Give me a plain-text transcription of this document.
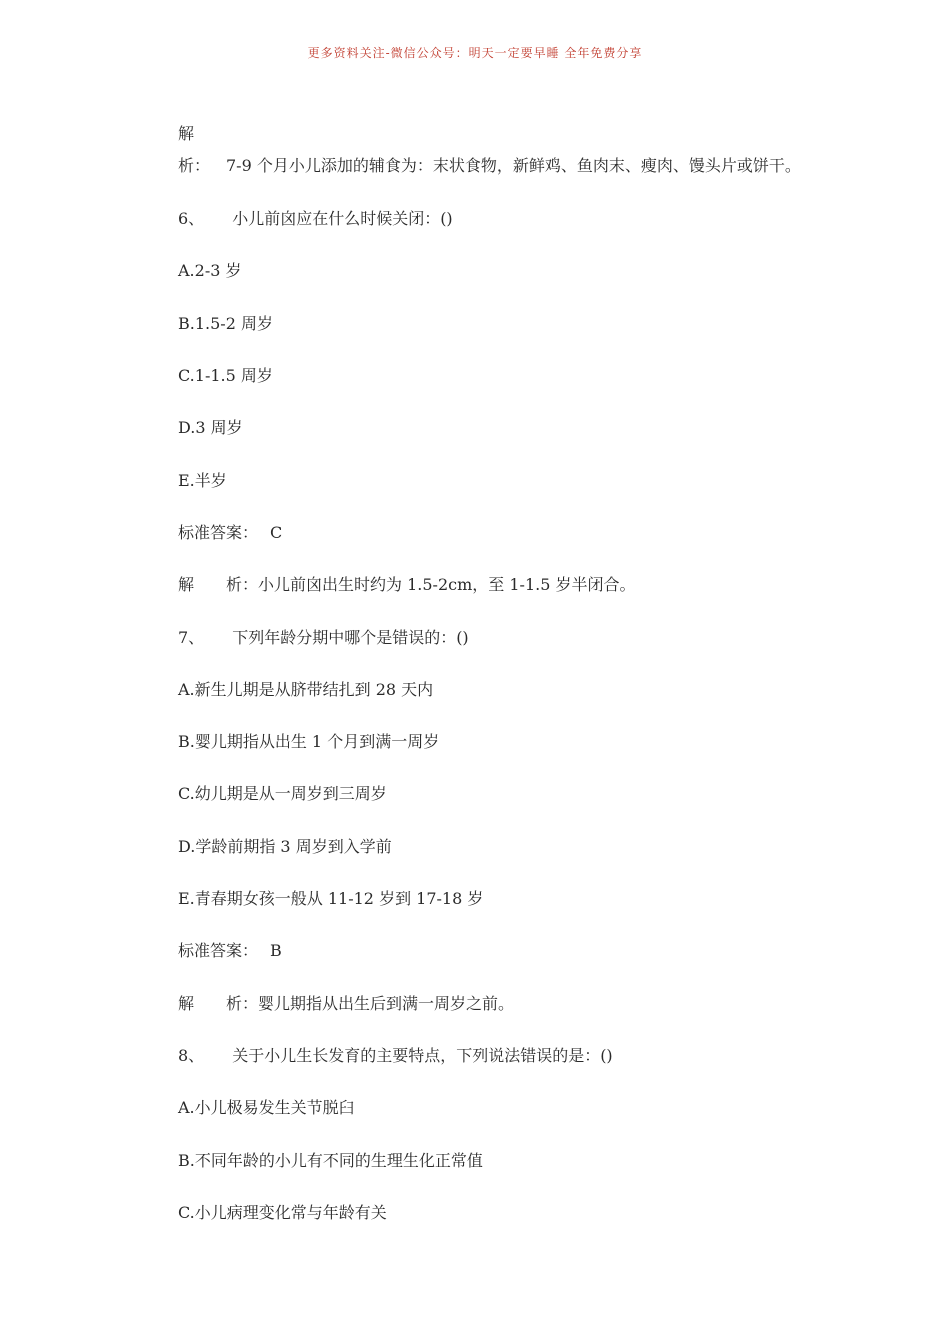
更多资料关注-微信公众号：明天一定要早睡 全年免费分享
解　　析： 7-9 个月小儿添加的辅食为：末状食物，新鲜鸡、鱼肉末、瘦肉、馒头片或饼干。
6、 小儿前囟应在什么时候关闭：()
A.2-3 岁
B.1.5-2 周岁
C.1-1.5 周岁
D.3 周岁
E.半岁
标准答案： C
解　　析：小儿前囟出生时约为 1.5-2cm，至 1-1.5 岁半闭合。
7、 下列年龄分期中哪个是错误的：()
A.新生儿期是从脐带结扎到 28 天内
B.婴儿期指从出生 1 个月到满一周岁
C.幼儿期是从一周岁到三周岁
D.学龄前期指 3 周岁到入学前
E.青春期女孩一般从 11-12 岁到 17-18 岁
标准答案： B
解　　析：婴儿期指从出生后到满一周岁之前。
8、 关于小儿生长发育的主要特点，下列说法错误的是：()
A.小儿极易发生关节脱臼
B.不同年龄的小儿有不同的生理生化正常值
C.小儿病理变化常与年龄有关
